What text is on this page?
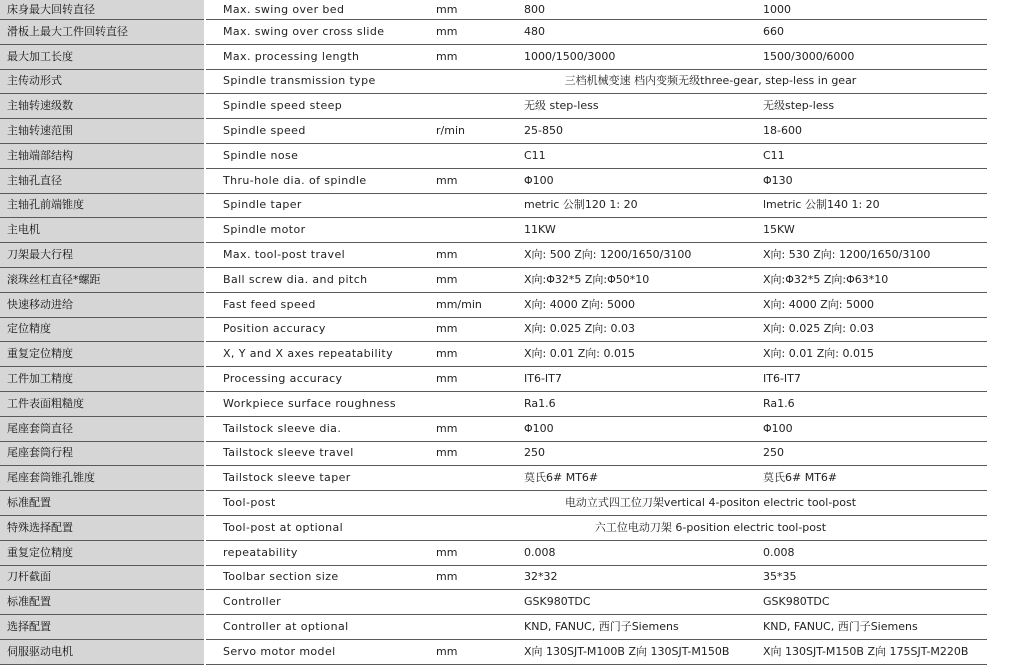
床身最大回转直径	Max. swing over bed	mm	800	1000
滑板上最大工件回转直径	Max. swing over cross slide	mm	480	660
最大加工长度	Max. processing length	mm	1000/1500/3000	1500/3000/6000
主传动形式	Spindle transmission type		三档机械变速 档内变频无级three-gear, step-less in gear	
主轴转速级数	Spindle speed steep		无级 step-less	无级step-less
主轴转速范围	Spindle speed	r/min	25-850	18-600
主轴端部结构	Spindle nose		C11	C11
主轴孔直径	Thru-hole dia. of spindle	mm	Φ100	Φ130
主轴孔前端锥度	Spindle taper		metric 公制120 1: 20	lmetric 公制140 1: 20
主电机	Spindle motor		11KW	15KW
刀架最大行程	Max. tool-post travel	mm	X向: 500 Z向: 1200/1650/3100	X向: 530 Z向: 1200/1650/3100
滚珠丝杠直径*螺距	Ball screw dia. and pitch	mm	X向:Φ32*5 Z向:Φ50*10	X向:Φ32*5 Z向:Φ63*10
快速移动进给	Fast feed speed	mm/min	X向: 4000 Z向: 5000	X向: 4000 Z向: 5000
定位精度	Position accuracy	mm	X向: 0.025 Z向: 0.03	X向: 0.025 Z向: 0.03
重复定位精度	X, Y and X axes repeatability	mm	X向: 0.01 Z向: 0.015	X向: 0.01 Z向: 0.015
工件加工精度	Processing accuracy	mm	IT6-IT7	IT6-IT7
工件表面粗糙度	Workpiece surface roughness		Ra1.6	Ra1.6
尾座套筒直径	Tailstock sleeve dia.	mm	Φ100	Φ100
尾座套筒行程	Tailstock sleeve travel	mm	250	250
尾座套筒锥孔锥度	Tailstock sleeve taper		莫氏6# MT6#	莫氏6# MT6#
标准配置	Tool-post		电动立式四工位刀架vertical 4-positon electric tool-post	
特殊选择配置	Tool-post at optional		六工位电动刀架 6-position electric tool-post	
重复定位精度	repeatability	mm	0.008	0.008
刀杆截面	Toolbar section size	mm	32*32	35*35
标准配置	Controller		GSK980TDC	GSK980TDC
选择配置	Controller at optional		KND, FANUC, 西门子Siemens	KND, FANUC, 西门子Siemens
伺服驱动电机	Servo motor model	mm	X向 130SJT-M100B Z向 130SJT-M150B	X向 130SJT-M150B Z向 175SJT-M220B
